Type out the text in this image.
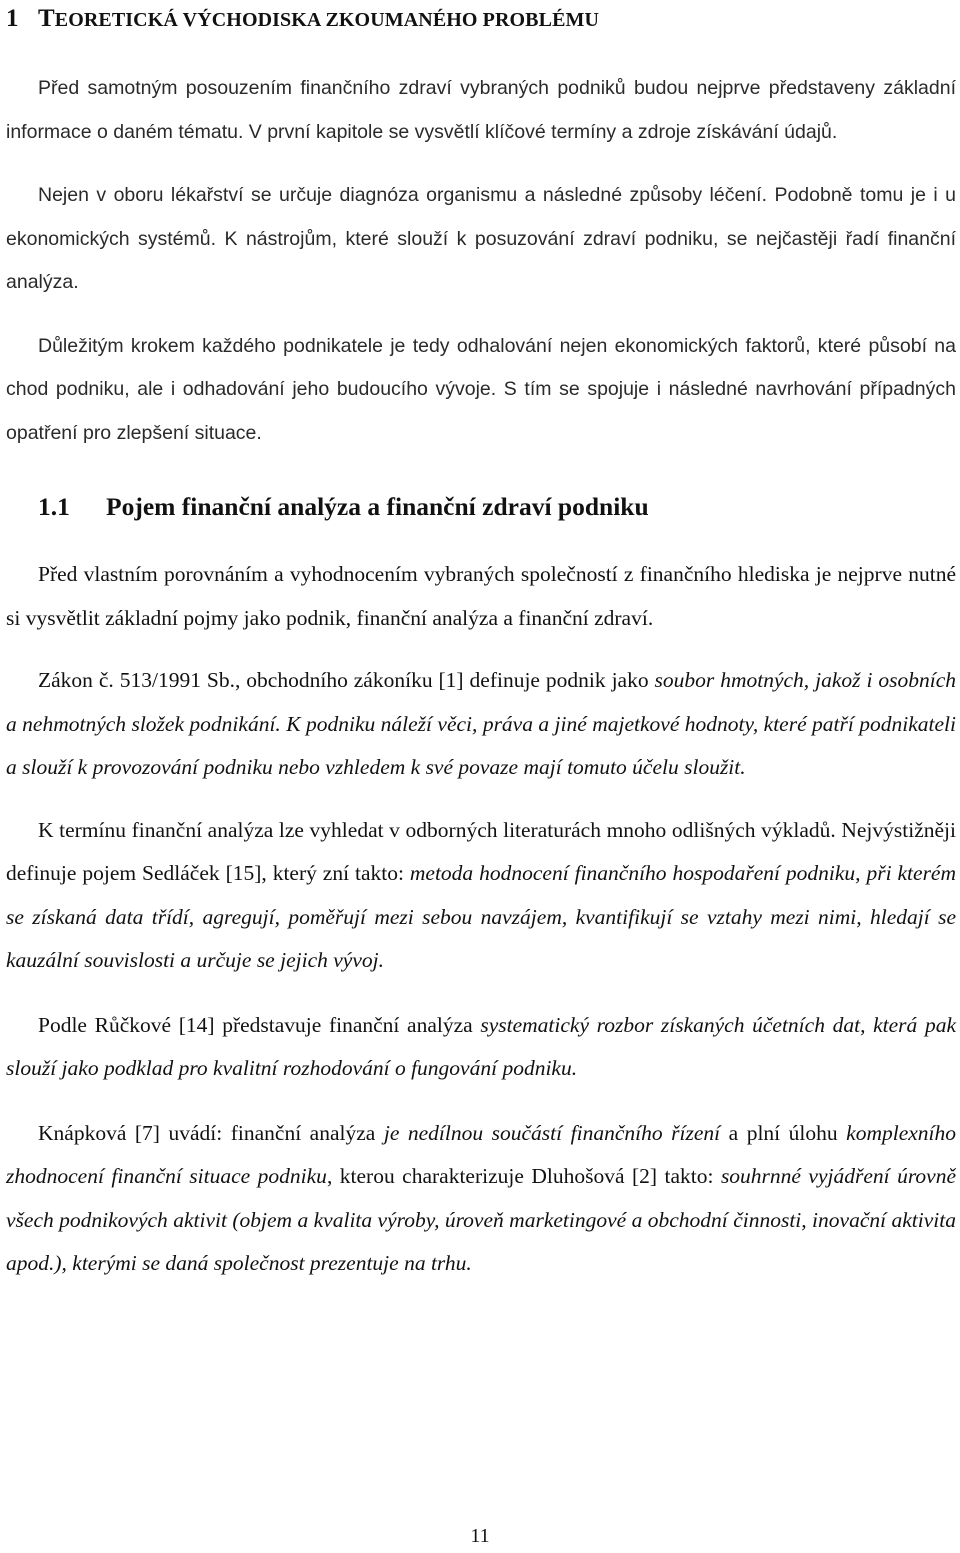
1 TEORETICKÁ VÝCHODISKA ZKOUMANÉHO PROBLÉMU

Před samotným posouzením finančního zdraví vybraných podniků budou nejprve představeny základní informace o daném tématu. V první kapitole se vysvětlí klíčové termíny a zdroje získávání údajů.

Nejen v oboru lékařství se určuje diagnóza organismu a následné způsoby léčení. Podobně tomu je i u ekonomických systémů. K nástrojům, které slouží k posuzování zdraví podniku, se nejčastěji řadí finanční analýza.

Důležitým krokem každého podnikatele je tedy odhalování nejen ekonomických faktorů, které působí na chod podniku, ale i odhadování jeho budoucího vývoje. S tím se spojuje i následné navrhování případných opatření pro zlepšení situace.

1.1 Pojem finanční analýza a finanční zdraví podniku

Před vlastním porovnáním a vyhodnocením vybraných společností z finančního hlediska je nejprve nutné si vysvětlit základní pojmy jako podnik, finanční analýza a finanční zdraví.

Zákon č. 513/1991 Sb., obchodního zákoníku [1] definuje podnik jako soubor hmotných, jakož i osobních a nehmotných složek podnikání. K podniku náleží věci, práva a jiné majetkové hodnoty, které patří podnikateli a slouží k provozování podniku nebo vzhledem k své povaze mají tomuto účelu sloužit.

K termínu finanční analýza lze vyhledat v odborných literaturách mnoho odlišných výkladů. Nejvýstižněji definuje pojem Sedláček [15], který zní takto: metoda hodnocení finančního hospodaření podniku, při kterém se získaná data třídí, agregují, poměřují mezi sebou navzájem, kvantifikují se vztahy mezi nimi, hledají se kauzální souvislosti a určuje se jejich vývoj.

Podle Růčkové [14] představuje finanční analýza systematický rozbor získaných účetních dat, která pak slouží jako podklad pro kvalitní rozhodování o fungování podniku.

Knápková [7] uvádí: finanční analýza je nedílnou součástí finančního řízení a plní úlohu komplexního zhodnocení finanční situace podniku, kterou charakterizuje Dluhošová [2] takto: souhrnné vyjádření úrovně všech podnikových aktivit (objem a kvalita výroby, úroveň marketingové a obchodní činnosti, inovační aktivita apod.), kterými se daná společnost prezentuje na trhu.

11
